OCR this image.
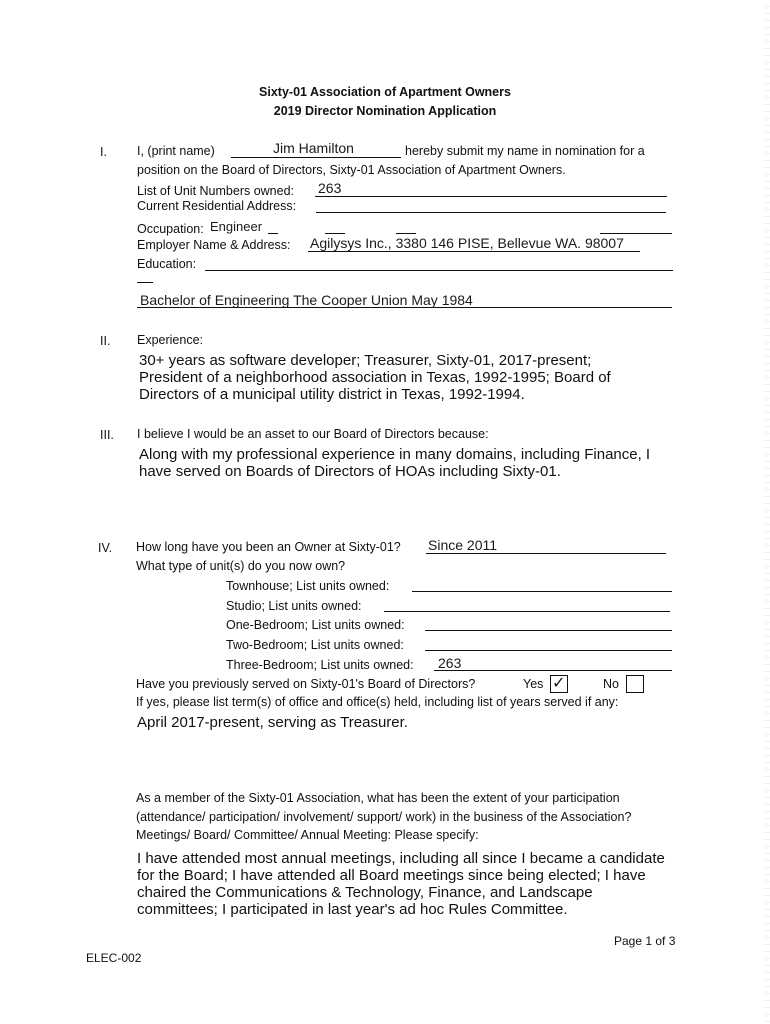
Sixty-01 Association of Apartment Owners
2019 Director Nomination Application
I. I, (print name)	Jim Hamilton	hereby submit my name in nomination for a
position on the Board of Directors, Sixty-01 Association of Apartment Owners.
List of Unit Numbers owned: 263
Current Residential Address:
Occupation: Engineer
Employer Name & Address: Agilysys Inc., 3380 146 PISE, Bellevue WA. 98007
Education:
Bachelor of Engineering The Cooper Union May 1984
II. Experience:
30+ years as software developer; Treasurer, Sixty-01, 2017-present; President of a neighborhood association in Texas, 1992-1995; Board of Directors of a municipal utility district in Texas, 1992-1994.
III. I believe I would be an asset to our Board of Directors because:
Along with my professional experience in many domains, including Finance, I have served on Boards of Directors of HOAs including Sixty-01.
IV. How long have you been an Owner at Sixty-01? Since 2011
What type of unit(s) do you now own?
Townhouse; List units owned:
Studio; List units owned:
One-Bedroom; List units owned:
Two-Bedroom; List units owned:
Three-Bedroom; List units owned: 263
Have you previously served on Sixty-01's Board of Directors?	Yes ✓	No
If yes, please list term(s) of office and office(s) held, including list of years served if any:
April 2017-present, serving as Treasurer.
As a member of the Sixty-01 Association, what has been the extent of your participation (attendance/ participation/ involvement/ support/ work) in the business of the Association? Meetings/ Board/ Committee/ Annual Meeting: Please specify:
I have attended most annual meetings, including all since I became a candidate for the Board; I have attended all Board meetings since being elected; I have chaired the Communications & Technology, Finance, and Landscape committees; I participated in last year's ad hoc Rules Committee.
Page 1 of 3
ELEC-002
